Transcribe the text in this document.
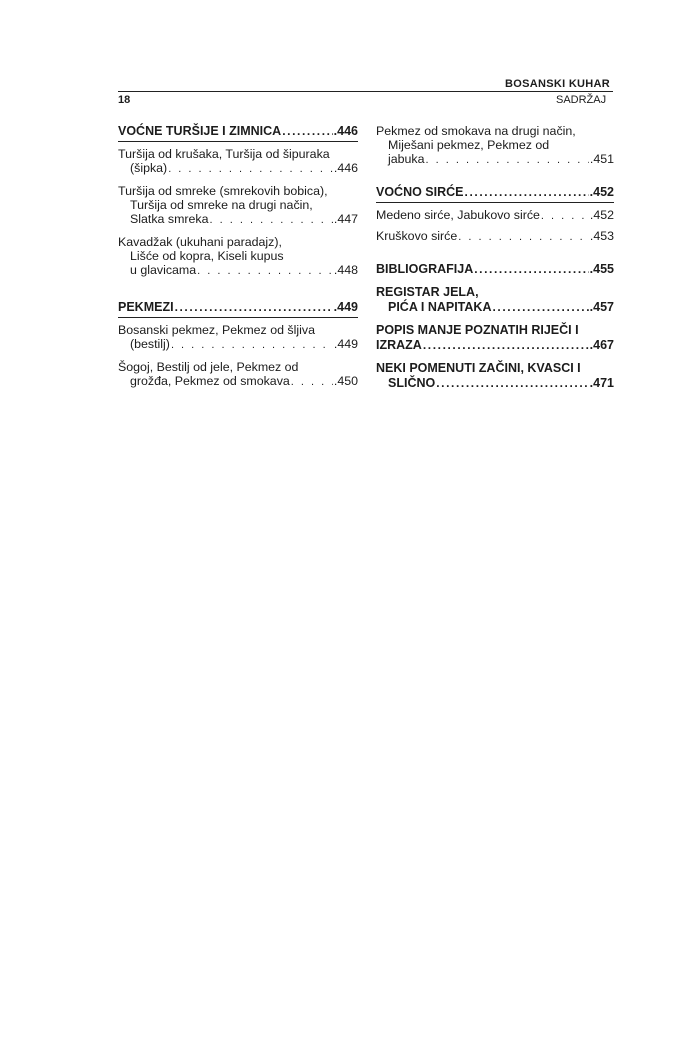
BOSANSKI KUHAR
18	SADRŽAJ
VOĆNE TURŠIJE I ZIMNICA .....	.446
Turšija od krušaka, Turšija od šipuraka
(šipka) . . .	.446
Turšija od smreke (smrekovih bobica),
Turšija od smreke na drugi način,
Slatka smreka . . .	.447
Kavadžak (ukuhani paradajz),
Lišće od kopra, Kiseli kupus
u glavicama . . .	.448
PEKMEZI .....	.449
Bosanski pekmez, Pekmez od šljiva
(bestilj) . . .	.449
Šogoj, Bestilj od jele, Pekmez od
grožđa, Pekmez od smokava . . .	.450
Pekmez od smokava na drugi način,
Miješani pekmez, Pekmez od
jabuka . . .	.451
VOĆNO SIRĆE .....	.452
Medeno sirće, Jabukovo sirće . . .	.452
Kruškovo sirće . . .	.453
BIBLIOGRAFIJA .....	.455
REGISTAR JELA,
PIĆA I NAPITAKA .....	.457
POPIS MANJE POZNATIH RIJEČI I
IZRAZA .....	.467
NEKI POMENUTI ZAČINI, KVASCI I
SLIČNO .....	.471
